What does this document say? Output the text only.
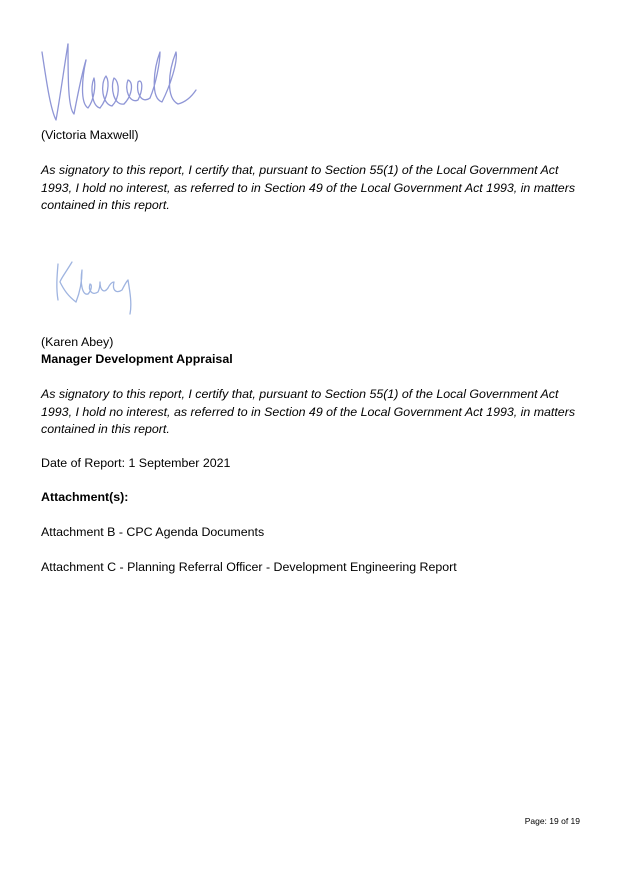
(Victoria Maxwell)
As signatory to this report, I certify that, pursuant to Section 55(1) of the Local Government Act 1993, I hold no interest, as referred to in Section 49 of the Local Government Act 1993, in matters contained in this report.
(Karen Abey)
Manager Development Appraisal
As signatory to this report, I certify that, pursuant to Section 55(1) of the Local Government Act 1993, I hold no interest, as referred to in Section 49 of the Local Government Act 1993, in matters contained in this report.
Date of Report: 1 September 2021
Attachment(s):
Attachment B - CPC Agenda Documents
Attachment C - Planning Referral Officer - Development Engineering Report
Page: 19 of 19
